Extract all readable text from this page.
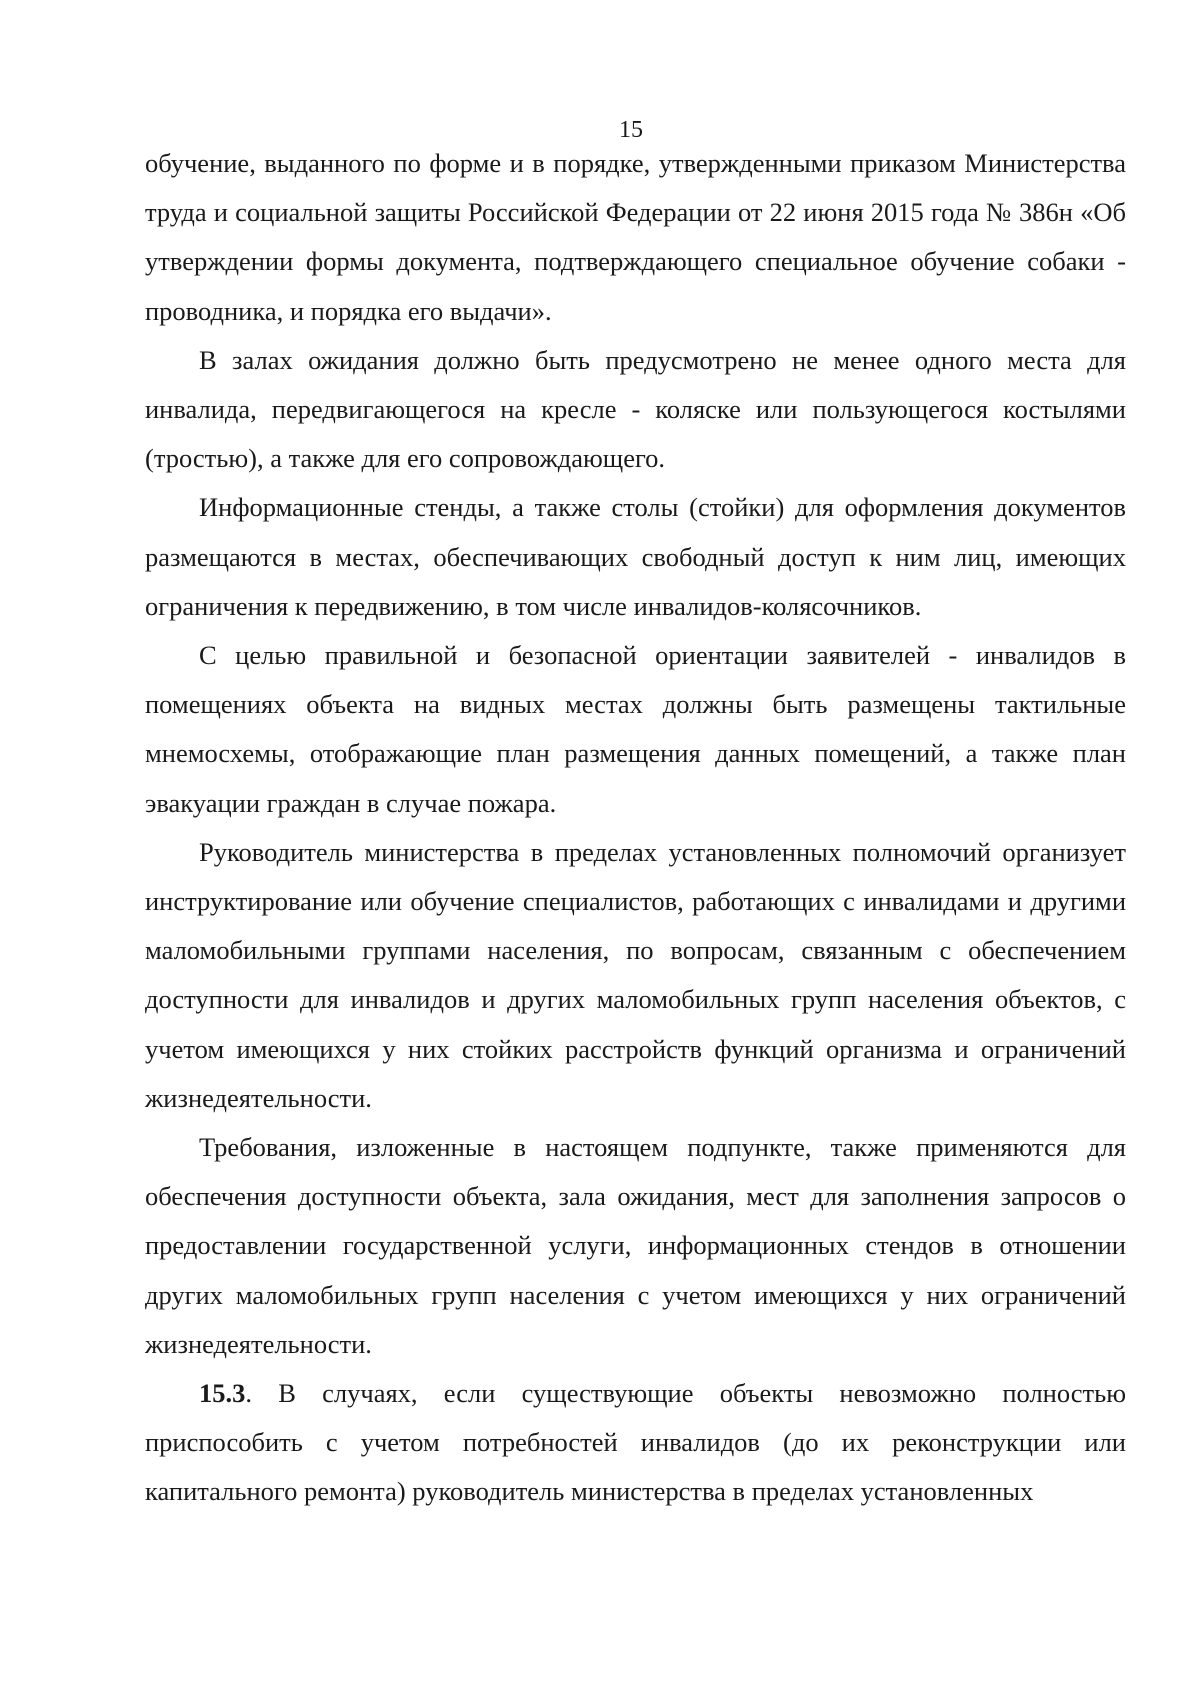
15

обучение, выданного по форме и в порядке, утвержденными приказом Министерства труда и социальной защиты Российской Федерации от 22 июня 2015 года № 386н «Об утверждении формы документа, подтверждающего специальное обучение собаки - проводника, и порядка его выдачи».

В залах ожидания должно быть предусмотрено не менее одного места для инвалида, передвигающегося на кресле - коляске или пользующегося костылями (тростью), а также для его сопровождающего.

Информационные стенды, а также столы (стойки) для оформления документов размещаются в местах, обеспечивающих свободный доступ к ним лиц, имеющих ограничения к передвижению, в том числе инвалидов-колясочников.

С целью правильной и безопасной ориентации заявителей - инвалидов в помещениях объекта на видных местах должны быть размещены тактильные мнемосхемы, отображающие план размещения данных помещений, а также план эвакуации граждан в случае пожара.

Руководитель министерства в пределах установленных полномочий организует инструктирование или обучение специалистов, работающих с инвалидами и другими маломобильными группами населения, по вопросам, связанным с обеспечением доступности для инвалидов и других маломобильных групп населения объектов, с учетом имеющихся у них стойких расстройств функций организма и ограничений жизнедеятельности.

Требования, изложенные в настоящем подпункте, также применяются для обеспечения доступности объекта, зала ожидания, мест для заполнения запросов о предоставлении государственной услуги, информационных стендов в отношении других маломобильных групп населения с учетом имеющихся у них ограничений жизнедеятельности.

15.3. В случаях, если существующие объекты невозможно полностью приспособить с учетом потребностей инвалидов (до их реконструкции или капитального ремонта) руководитель министерства в пределах установленных
